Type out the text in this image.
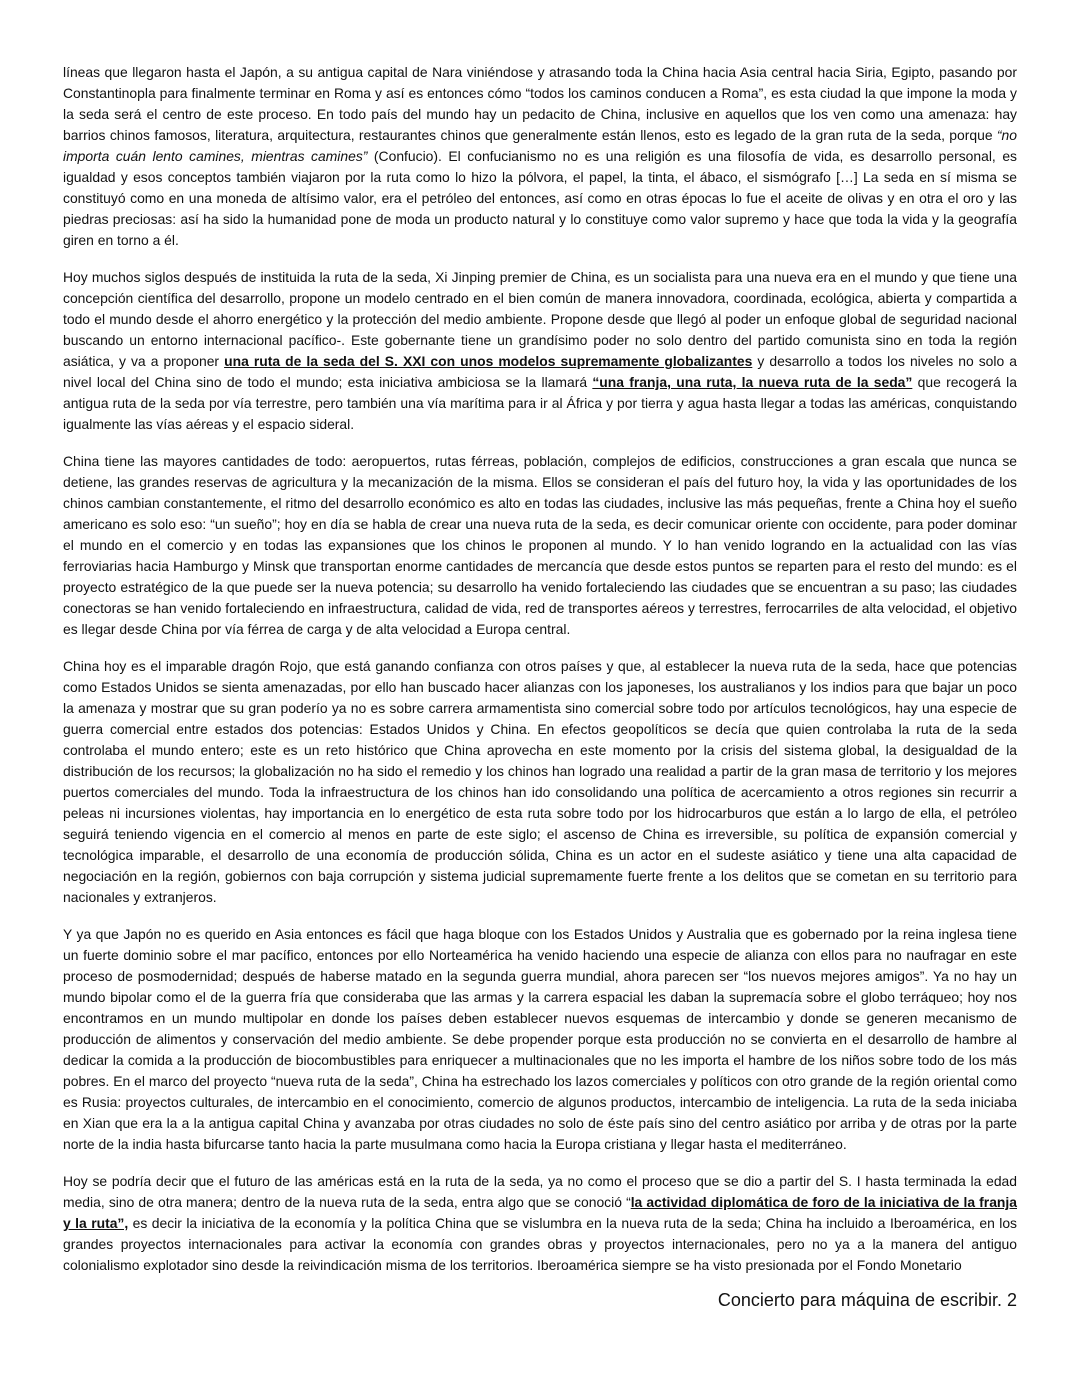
líneas que llegaron hasta el Japón, a su antigua capital de Nara viniéndose y atrasando toda la China hacia Asia central hacia Siria, Egipto, pasando por Constantinopla para finalmente terminar en Roma y así es entonces cómo “todos los caminos conducen a Roma”, es esta ciudad la que impone la moda y la seda será el centro de este proceso. En todo país del mundo hay un pedacito de China, inclusive en aquellos que los ven como una amenaza: hay barrios chinos famosos, literatura, arquitectura, restaurantes chinos que generalmente están llenos, esto es legado de la gran ruta de la seda, porque “no importa cuán lento camines, mientras camines” (Confucio). El confucianismo no es una religión es una filosofía de vida, es desarrollo personal, es igualdad y esos conceptos también viajaron por la ruta como lo hizo la pólvora, el papel, la tinta, el ábaco, el sismógrafo […] La seda en sí misma se constituyó como en una moneda de altísimo valor, era el petróleo del entonces, así como en otras épocas lo fue el aceite de olivas y en otra el oro y las piedras preciosas: así ha sido la humanidad pone de moda un producto natural y lo constituye como valor supremo y hace que toda la vida y la geografía giren en torno a él.

Hoy muchos siglos después de instituida la ruta de la seda, Xi Jinping premier de China, es un socialista para una nueva era en el mundo y que tiene una concepción científica del desarrollo, propone un modelo centrado en el bien común de manera innovadora, coordinada, ecológica, abierta y compartida a todo el mundo desde el ahorro energético y la protección del medio ambiente. Propone desde que llegó al poder un enfoque global de seguridad nacional buscando un entorno internacional pacífico-. Este gobernante tiene un grandísimo poder no solo dentro del partido comunista sino en toda la región asiática, y va a proponer una ruta de la seda del S. XXI con unos modelos supremamente globalizantes y desarrollo a todos los niveles no solo a nivel local del China sino de todo el mundo; esta iniciativa ambiciosa se la llamará “una franja, una ruta, la nueva ruta de la seda” que recogerá la antigua ruta de la seda por vía terrestre, pero también una vía marítima para ir al África y por tierra y agua hasta llegar a todas las américas, conquistando igualmente las vías aéreas y el espacio sideral.

China tiene las mayores cantidades de todo: aeropuertos, rutas férreas, población, complejos de edificios, construcciones a gran escala que nunca se detiene, las grandes reservas de agricultura y la mecanización de la misma. Ellos se consideran el país del futuro hoy, la vida y las oportunidades de los chinos cambian constantemente, el ritmo del desarrollo económico es alto en todas las ciudades, inclusive las más pequeñas, frente a China hoy el sueño americano es solo eso: “un sueño”; hoy en día se habla de crear una nueva ruta de la seda, es decir comunicar oriente con occidente, para poder dominar el mundo en el comercio y en todas las expansiones que los chinos le proponen al mundo. Y lo han venido logrando en la actualidad con las vías ferroviarias hacia Hamburgo y Minsk que transportan enorme cantidades de mercancía que desde estos puntos se reparten para el resto del mundo: es el proyecto estratégico de la que puede ser la nueva potencia; su desarrollo ha venido fortaleciendo las ciudades que se encuentran a su paso; las ciudades conectoras se han venido fortaleciendo en infraestructura, calidad de vida, red de transportes aéreos y terrestres, ferrocarriles de alta velocidad, el objetivo es llegar desde China por vía férrea de carga y de alta velocidad a Europa central.

China hoy es el imparable dragón Rojo, que está ganando confianza con otros países y que, al establecer la nueva ruta de la seda, hace que potencias como Estados Unidos se sienta amenazadas, por ello han buscado hacer alianzas con los japoneses, los australianos y los indios para que bajar un poco la amenaza y mostrar que su gran poderío ya no es sobre carrera armamentista sino comercial sobre todo por artículos tecnológicos, hay una especie de guerra comercial entre estados dos potencias: Estados Unidos y China. En efectos geopolíticos se decía que quien controlaba la ruta de la seda controlaba el mundo entero; este es un reto histórico que China aprovecha en este momento por la crisis del sistema global, la desigualdad de la distribución de los recursos; la globalización no ha sido el remedio y los chinos han logrado una realidad a partir de la gran masa de territorio y los mejores puertos comerciales del mundo. Toda la infraestructura de los chinos han ido consolidando una política de acercamiento a otros regiones sin recurrir a peleas ni incursiones violentas, hay importancia en lo energético de esta ruta sobre todo por los hidrocarburos que están a lo largo de ella, el petróleo seguirá teniendo vigencia en el comercio al menos en parte de este siglo; el ascenso de China es irreversible, su política de expansión comercial y tecnológica imparable, el desarrollo de una economía de producción sólida, China es un actor en el sudeste asiático y tiene una alta capacidad de negociación en la región, gobiernos con baja corrupción y sistema judicial supremamente fuerte frente a los delitos que se cometan en su territorio para nacionales y extranjeros.

Y ya que Japón no es querido en Asia entonces es fácil que haga bloque con los Estados Unidos y Australia que es gobernado por la reina inglesa tiene un fuerte dominio sobre el mar pacífico, entonces por ello Norteamérica ha venido haciendo una especie de alianza con ellos para no naufragar en este proceso de posmodernidad; después de haberse matado en la segunda guerra mundial, ahora parecen ser “los nuevos mejores amigos”. Ya no hay un mundo bipolar como el de la guerra fría que consideraba que las armas y la carrera espacial les daban la supremacía sobre el globo terráqueo; hoy nos encontramos en un mundo multipolar en donde los países deben establecer nuevos esquemas de intercambio y donde se generen mecanismo de producción de alimentos y conservación del medio ambiente. Se debe propender porque esta producción no se convierta en el desarrollo de hambre al dedicar la comida a la producción de biocombustibles para enriquecer a multinacionales que no les importa el hambre de los niños sobre todo de los más pobres. En el marco del proyecto “nueva ruta de la seda”, China ha estrechado los lazos comerciales y políticos con otro grande de la región oriental como es Rusia: proyectos culturales, de intercambio en el conocimiento, comercio de algunos productos, intercambio de inteligencia. La ruta de la seda iniciaba en Xian que era la a la antigua capital China y avanzaba por otras ciudades no solo de éste país sino del centro asiático por arriba y de otras por la parte norte de la india hasta bifurcarse tanto hacia la parte musulmana como hacia la Europa cristiana y llegar hasta el mediterráneo.

Hoy se podría decir que el futuro de las américas está en la ruta de la seda, ya no como el proceso que se dio a partir del S. I hasta terminada la edad media, sino de otra manera; dentro de la nueva ruta de la seda, entra algo que se conoció “la actividad diplomática de foro de la iniciativa de la franja y la ruta”, es decir la iniciativa de la economía y la política China que se vislumbra en la nueva ruta de la seda; China ha incluido a Iberoamérica, en los grandes proyectos internacionales para activar la economía con grandes obras y proyectos internacionales, pero no ya a la manera del antiguo colonialismo explotador sino desde la reivindicación misma de los territorios. Iberoamérica siempre se ha visto presionada por el Fondo Monetario

Concierto para máquina de escribir. 2
